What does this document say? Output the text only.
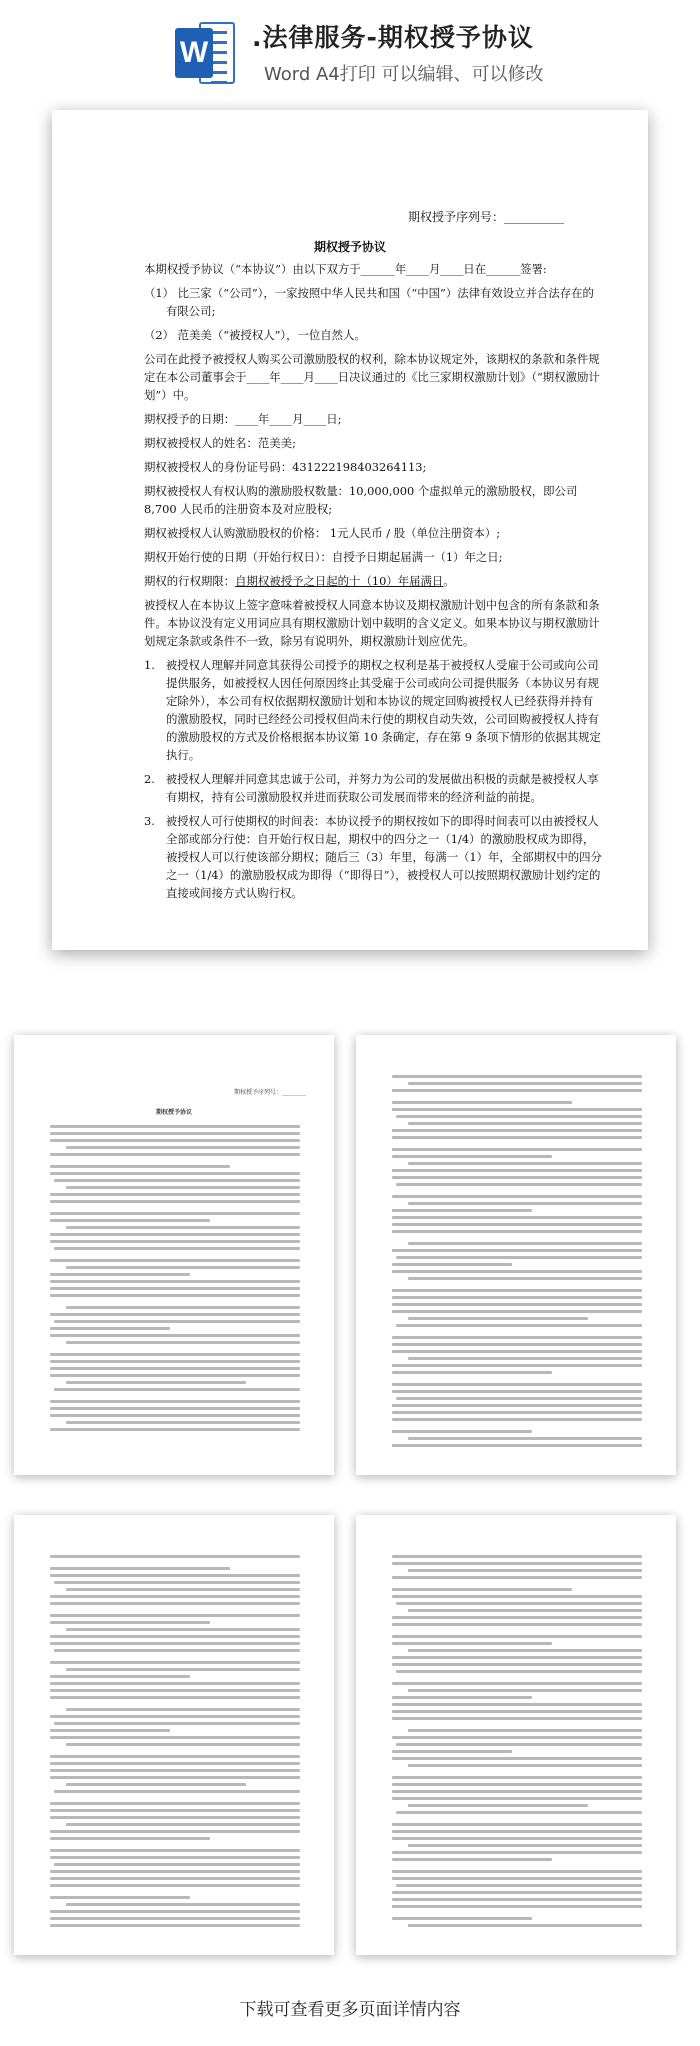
W .法律服务-期权授予协议
Word A4打印 可以编辑、可以修改
期权授予序列号：__________
期权授予协议

本期权授予协议（“本协议”）由以下双方于______年____月____日在______签署:

（1） 比三家（“公司”），一家按照中华人民共和国（“中国”）法律有效设立并合法存在的有限公司;

（2） 范美美（“被授权人”），一位自然人。

公司在此授予被授权人购买公司激励股权的权利，除本协议规定外，该期权的条款和条件规定在本公司董事会于____年____月____日决议通过的《比三家期权激励计划》（“期权激励计划”）中。

期权授予的日期：____年____月____日;

期权被授权人的姓名：范美美;

期权被授权人的身份证号码：431222198403264113;

期权被授权人有权认购的激励股权数量：10,000,000 个虚拟单元的激励股权，即公司 8,700 人民币的注册资本及对应股权;

期权被授权人认购激励股权的价格： 1元人民币 / 股（单位注册资本）;

期权开始行使的日期（开始行权日）：自授予日期起届满一（1）年之日;

期权的行权期限：自期权被授予之日起的十（10）年届满日。

被授权人在本协议上签字意味着被授权人同意本协议及期权激励计划中包含的所有条款和条件。本协议没有定义用词应具有期权激励计划中载明的含义定义。如果本协议与期权激励计划规定条款或条件不一致，除另有说明外，期权激励计划应优先。

1. 被授权人理解并同意其获得公司授予的期权之权利是基于被授权人受雇于公司或向公司提供服务，如被授权人因任何原因终止其受雇于公司或向公司提供服务（本协议另有规定除外），本公司有权依据期权激励计划和本协议的规定回购被授权人已经获得并持有的激励股权，同时已经经公司授权但尚未行使的期权自动失效，公司回购被授权人持有的激励股权的方式及价格根据本协议第 10 条确定，存在第 9 条项下情形的依据其规定执行。

2. 被授权人理解并同意其忠诚于公司，并努力为公司的发展做出积极的贡献是被授权人享有期权，持有公司激励股权并进而获取公司发展而带来的经济利益的前提。

3. 被授权人可行使期权的时间表：本协议授予的期权按如下的即得时间表可以由被授权人全部或部分行使：自开始行权日起，期权中的四分之一（1/4）的激励股权成为即得，被授权人可以行使该部分期权；随后三（3）年里，每满一（1）年，全部期权中的四分之一（1/4）的激励股权成为即得（“即得日”），被授权人可以按照期权激励计划约定的直接或间接方式认购行权。

期权授予序列号：________
期权授予协议
下载可查看更多页面详情内容
